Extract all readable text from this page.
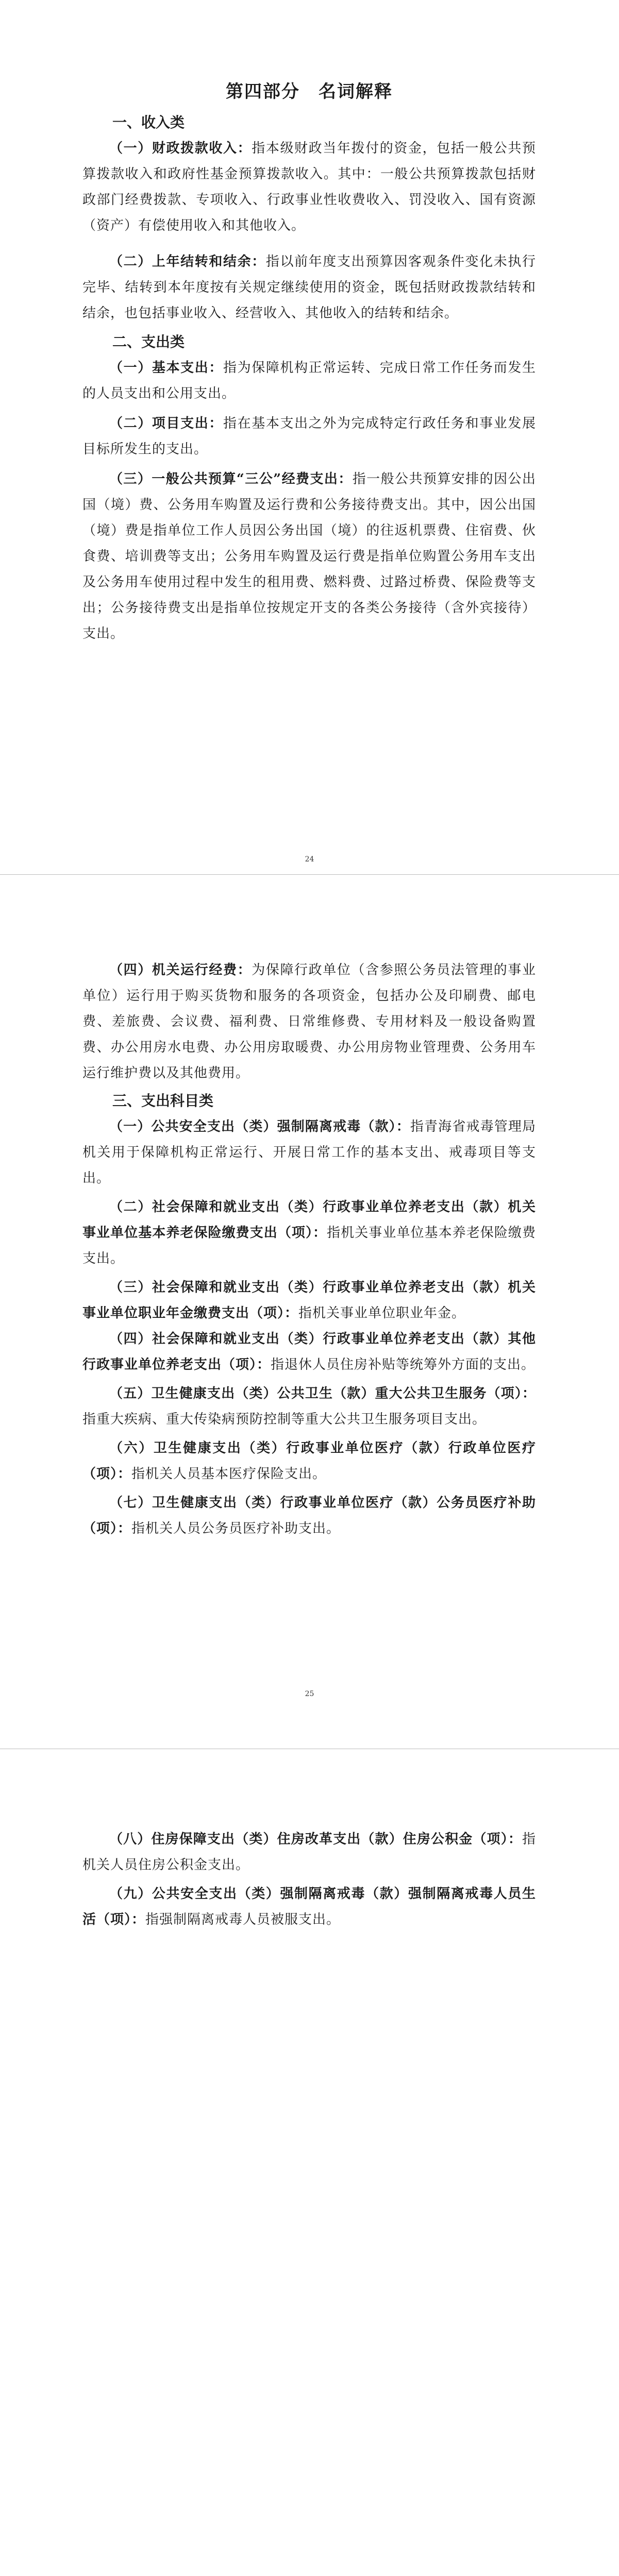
第四部分　名词解释
一、收入类

（一）财政拨款收入：指本级财政当年拨付的资金，包括一般公共预算拨款收入和政府性基金预算拨款收入。其中：一般公共预算拨款包括财政部门经费拨款、专项收入、行政事业性收费收入、罚没收入、国有资源（资产）有偿使用收入和其他收入。

（二）上年结转和结余：指以前年度支出预算因客观条件变化未执行完毕、结转到本年度按有关规定继续使用的资金，既包括财政拨款结转和结余，也包括事业收入、经营收入、其他收入的结转和结余。

二、支出类

（一）基本支出：指为保障机构正常运转、完成日常工作任务而发生的人员支出和公用支出。

（二）项目支出：指在基本支出之外为完成特定行政任务和事业发展目标所发生的支出。

（三）一般公共预算“三公”经费支出：指一般公共预算安排的因公出国（境）费、公务用车购置及运行费和公务接待费支出。其中，因公出国（境）费是指单位工作人员因公务出国（境）的往返机票费、住宿费、伙食费、培训费等支出；公务用车购置及运行费是指单位购置公务用车支出及公务用车使用过程中发生的租用费、燃料费、过路过桥费、保险费等支出；公务接待费支出是指单位按规定开支的各类公务接待（含外宾接待）支出。

24

（四）机关运行经费：为保障行政单位（含参照公务员法管理的事业单位）运行用于购买货物和服务的各项资金，包括办公及印刷费、邮电费、差旅费、会议费、福利费、日常维修费、专用材料及一般设备购置费、办公用房水电费、办公用房取暖费、办公用房物业管理费、公务用车运行维护费以及其他费用。

三、支出科目类

（一）公共安全支出（类）强制隔离戒毒（款）：指青海省戒毒管理局机关用于保障机构正常运行、开展日常工作的基本支出、戒毒项目等支出。

（二）社会保障和就业支出（类）行政事业单位养老支出（款）机关事业单位基本养老保险缴费支出（项）：指机关事业单位基本养老保险缴费支出。

（三）社会保障和就业支出（类）行政事业单位养老支出（款）机关事业单位职业年金缴费支出（项）：指机关事业单位职业年金。

（四）社会保障和就业支出（类）行政事业单位养老支出（款）其他行政事业单位养老支出（项）：指退休人员住房补贴等统筹外方面的支出。

（五）卫生健康支出（类）公共卫生（款）重大公共卫生服务（项）：指重大疾病、重大传染病预防控制等重大公共卫生服务项目支出。

（六）卫生健康支出（类）行政事业单位医疗（款）行政单位医疗（项）：指机关人员基本医疗保险支出。

（七）卫生健康支出（类）行政事业单位医疗（款）公务员医疗补助（项）：指机关人员公务员医疗补助支出。

25

（八）住房保障支出（类）住房改革支出（款）住房公积金（项）：指机关人员住房公积金支出。

（九）公共安全支出（类）强制隔离戒毒（款）强制隔离戒毒人员生活（项）：指强制隔离戒毒人员被服支出。
